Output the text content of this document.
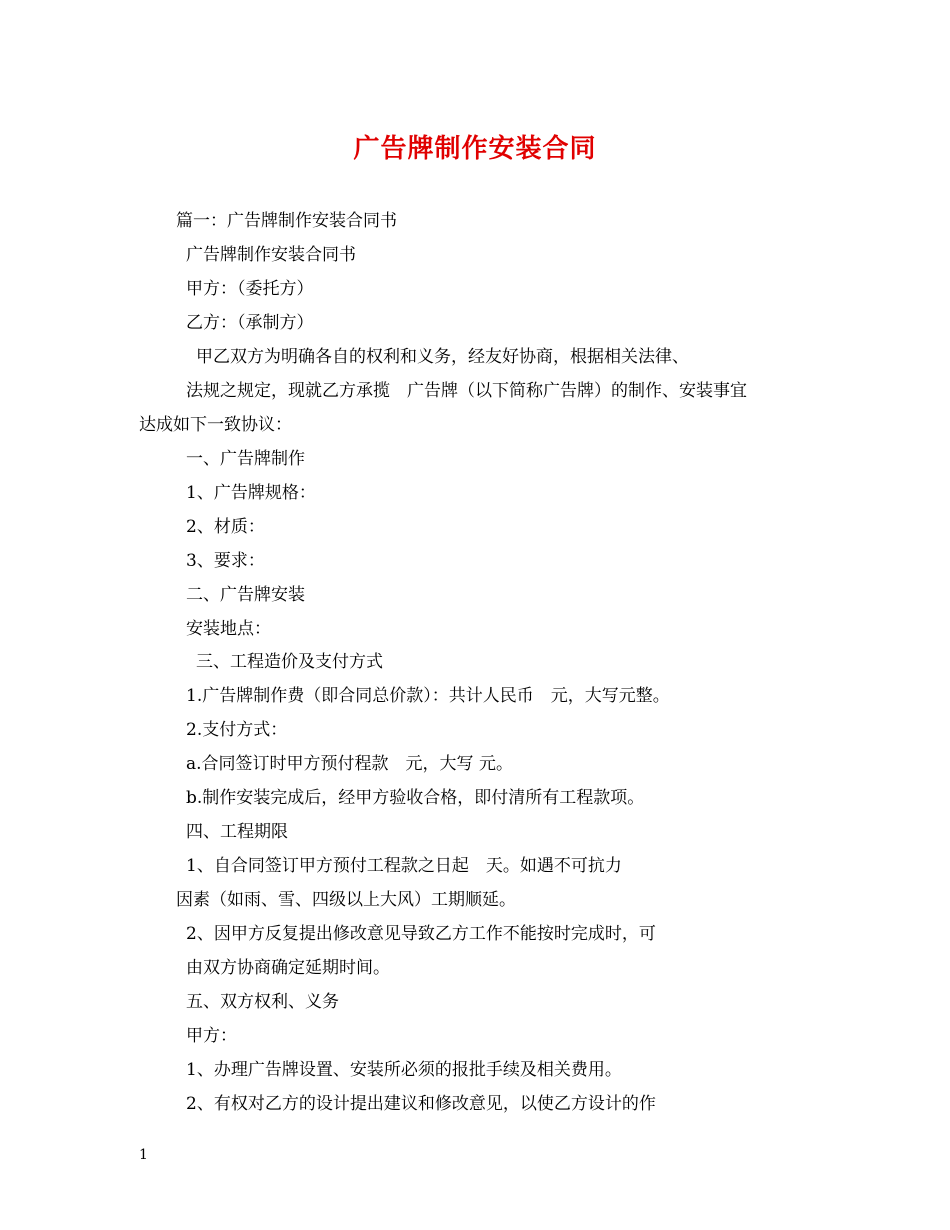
广告牌制作安装合同
篇一：广告牌制作安装合同书
广告牌制作安装合同书
甲方：（委托方）
乙方：（承制方）
甲乙双方为明确各自的权利和义务，经友好协商，根据相关法律、
法规之规定，现就乙方承揽　广告牌（以下简称广告牌）的制作、安装事宜
达成如下一致协议：
一、广告牌制作
1、广告牌规格：
2、材质：
3、要求：
二、广告牌安装
安装地点：
三、工程造价及支付方式
1.广告牌制作费（即合同总价款）：共计人民币　元，大写元整。
2.支付方式：
a.合同签订时甲方预付程款　元，大写 元。
b.制作安装完成后，经甲方验收合格，即付清所有工程款项。
四、工程期限
1、自合同签订甲方预付工程款之日起　天。如遇不可抗力
因素（如雨、雪、四级以上大风）工期顺延。
2、因甲方反复提出修改意见导致乙方工作不能按时完成时，可
由双方协商确定延期时间。
五、双方权利、义务
甲方：
1、办理广告牌设置、安装所必须的报批手续及相关费用。
2、有权对乙方的设计提出建议和修改意见，以使乙方设计的作
1
